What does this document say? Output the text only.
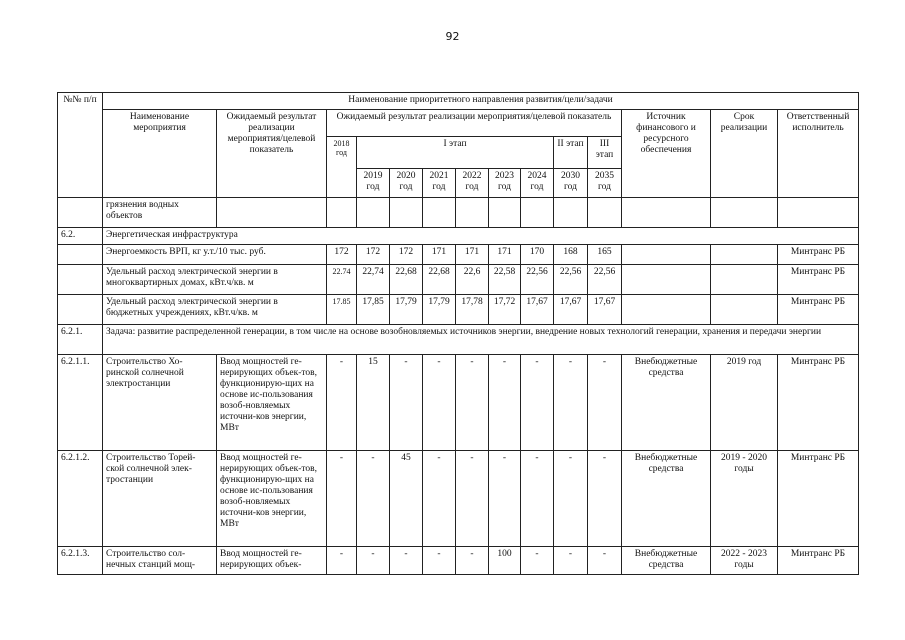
92
№№ п/п	Наименование приоритетного направления развития/цели/задачи													
	Наименование мероприятия	Ожидаемый результат реализации мероприятия/целевой показатель	Ожидаемый результат реализации мероприятия/целевой показатель									Источник финансового и ресурсного обеспечения	Срок реализации	Ответственный исполнитель
			2018 год	I этап						II этап	III этап			
				2019 год	2020 год	2021 год	2022 год	2023 год	2024 год	2030 год	2035 год			
	грязнения водных объектов													
6.2.	Энергетическая инфраструктура													
	Энергоемкость ВРП, кг у.т./10 тыс. руб.		172	172	172	171	171	171	170	168	165			Минтранс РБ
	Удельный расход электрической энергии в многоквартирных домах, кВт.ч/кв. м		22.74	22,74	22,68	22,68	22,6	22,58	22,56	22,56	22,56			Минтранс РБ
	Удельный расход электрической энергии в бюджетных учреждениях, кВт.ч/кв. м		17.85	17,85	17,79	17,79	17,78	17,72	17,67	17,67	17,67			Минтранс РБ
6.2.1.	Задача: развитие распределенной генерации, в том числе на основе возобновляемых источников энергии, внедрение новых технологий генерации, хранения и передачи энергии													
6.2.1.1.	Строительство Хо-ринской солнечной электростанции	Ввод мощностей ге-нерирующих объек-тов, функционирую-щих на основе ис-пользования возоб-новляемых источни-ков энергии, МВт	-	15	-	-	-	-	-	-	-	Внебюджетные средства	2019 год	Минтранс РБ
6.2.1.2.	Строительство Торей-ской солнечной элек-тростанции	Ввод мощностей ге-нерирующих объек-тов, функционирую-щих на основе ис-пользования возоб-новляемых источни-ков энергии, МВт	-	-	45	-	-	-	-	-	-	Внебюджетные средства	2019 - 2020 годы	Минтранс РБ
6.2.1.3.	Строительство сол-нечных станций мощ-	Ввод мощностей ге-нерирующих объек-	-	-	-	-	-	100	-	-	-	Внебюджетные средства	2022 - 2023 годы	Минтранс РБ
